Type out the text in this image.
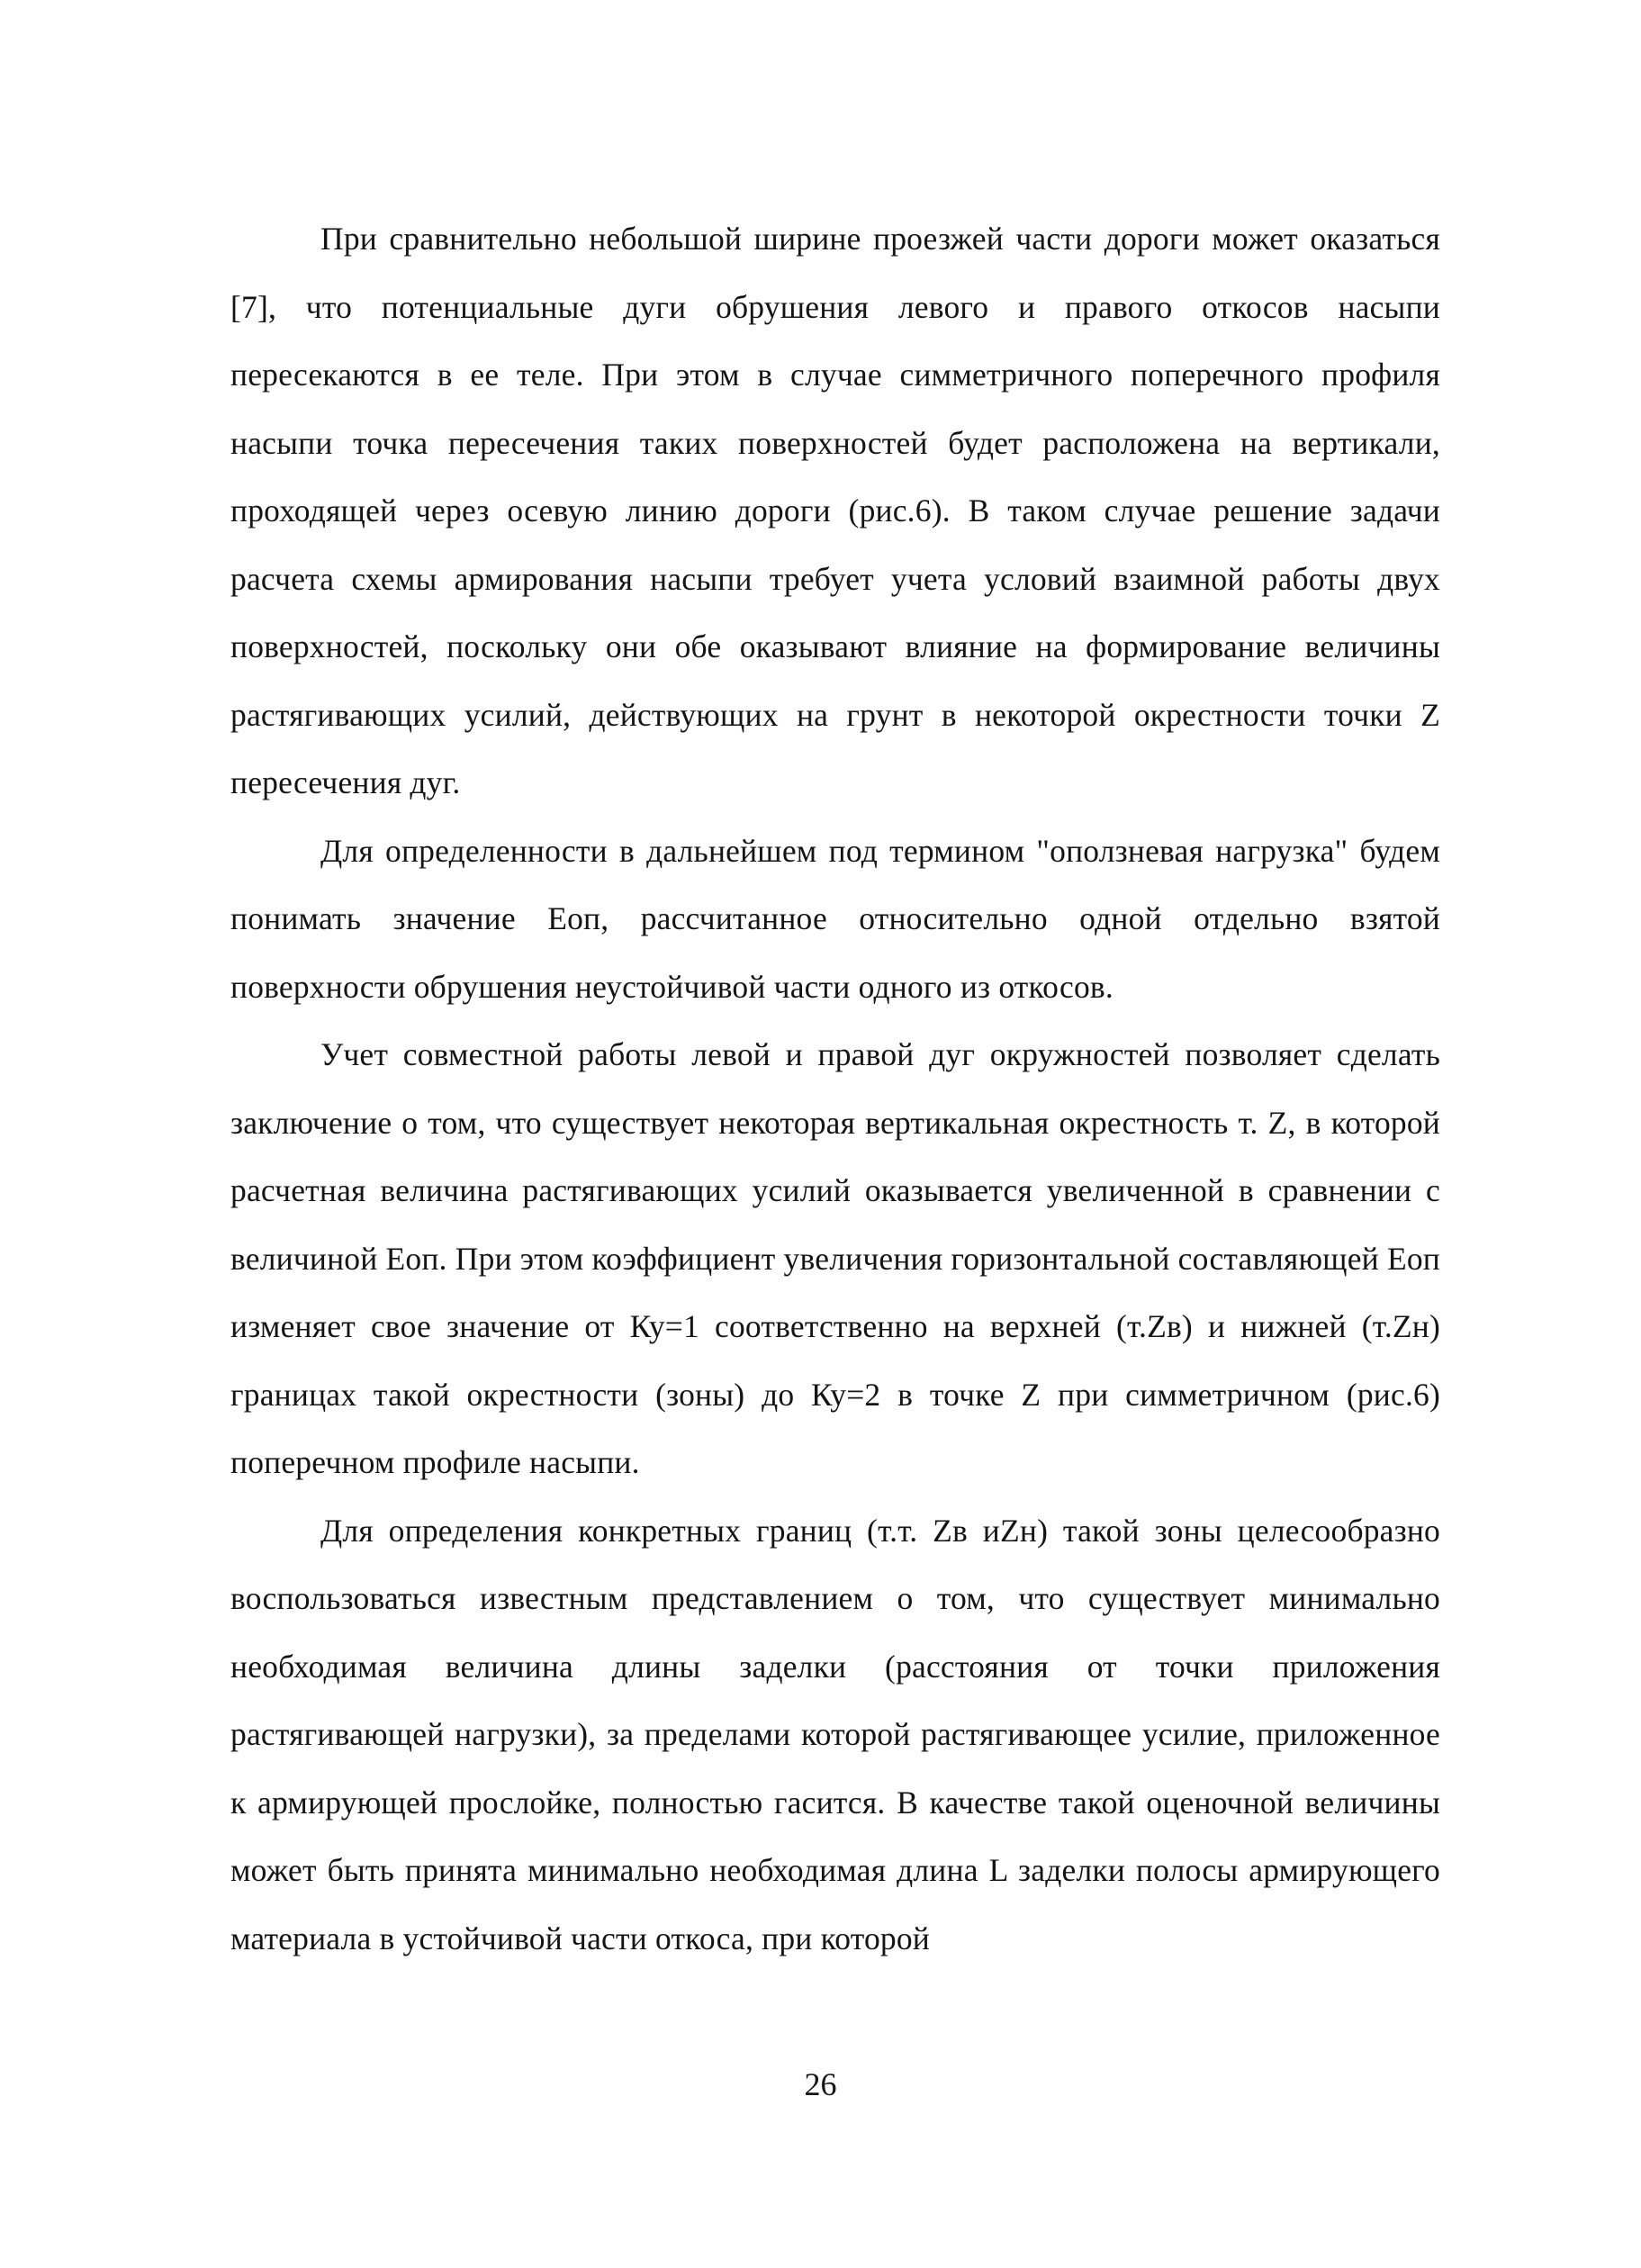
При сравнительно небольшой ширине проезжей части дороги может оказаться [7], что потенциальные дуги обрушения левого и правого откосов насыпи пересекаются в ее теле. При этом в случае симметричного поперечного профиля насыпи точка пересечения таких поверхностей будет расположена на вертикали, проходящей через осевую линию дороги (рис.6). В таком случае решение задачи расчета схемы армирования насыпи требует учета условий взаимной работы двух поверхностей, поскольку они обе оказывают влияние на формирование величины растягивающих усилий, действующих на грунт в некоторой окрестности точки Z пересечения дуг.

Для определенности в дальнейшем под термином "оползневая нагрузка" будем понимать значение Еоп, рассчитанное относительно одной отдельно взятой поверхности обрушения неустойчивой части одного из откосов.

Учет совместной работы левой и правой дуг окружностей позволяет сделать заключение о том, что существует некоторая вертикальная окрестность т. Z, в которой расчетная величина растягивающих усилий оказывается увеличенной в сравнении с величиной Еоп. При этом коэффициент увеличения горизонтальной составляющей Еоп изменяет свое значение от Ку=1 соответственно на верхней (т.Zв) и нижней (т.Zн) границах такой окрестности (зоны) до Ку=2 в точке Z при симметричном (рис.6) поперечном профиле насыпи.

Для определения конкретных границ (т.т. Zв иZн) такой зоны целесообразно воспользоваться известным представлением о том, что существует минимально необходимая величина длины заделки (расстояния от точки приложения растягивающей нагрузки), за пределами которой растягивающее усилие, приложенное к армирующей прослойке, полностью гасится. В качестве такой оценочной величины может быть принята минимально необходимая длина L заделки полосы армирующего материала в устойчивой части откоса, при которой

26
